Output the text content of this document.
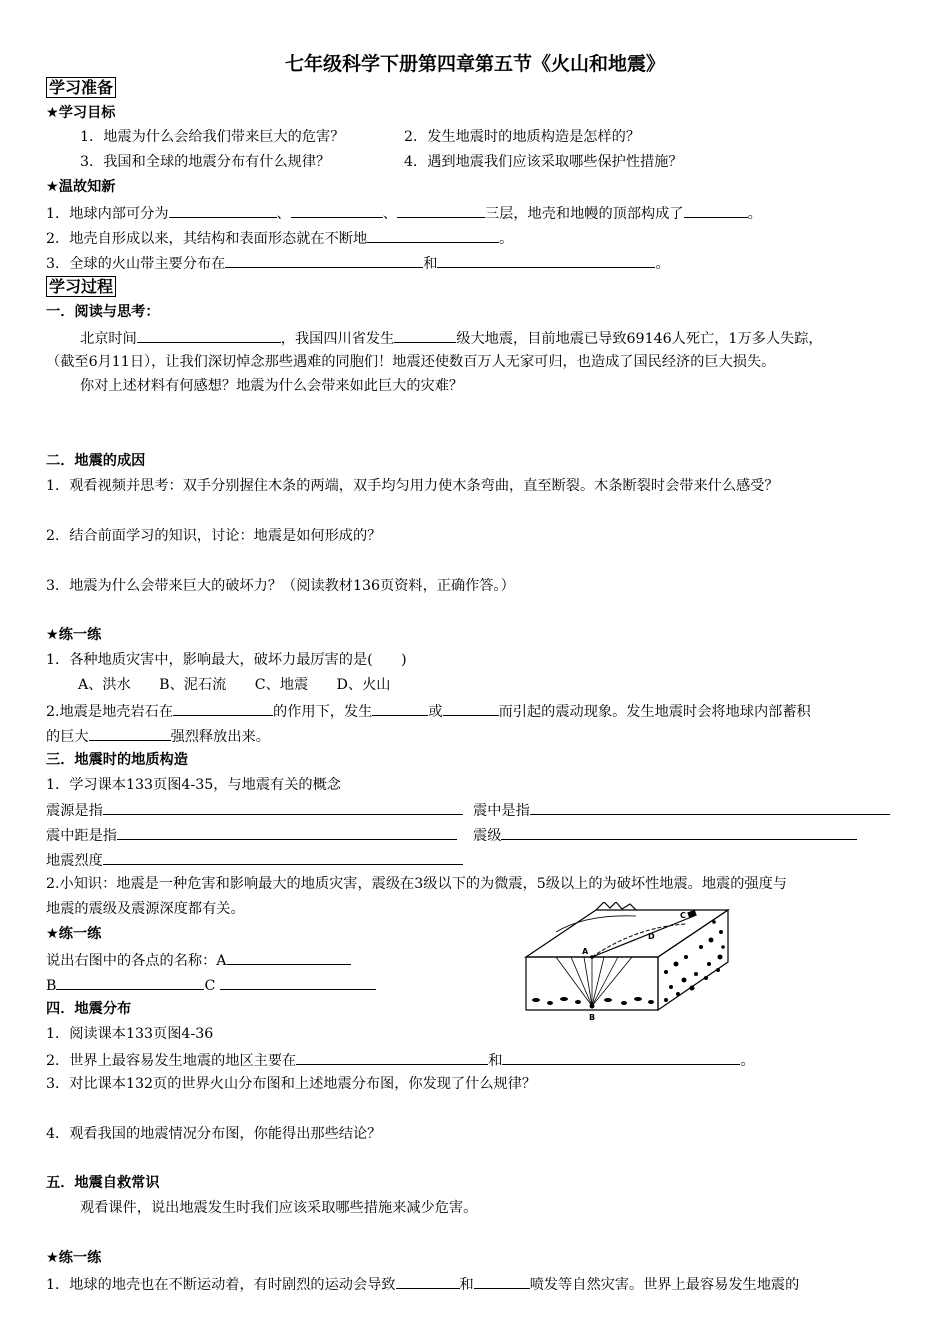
七年级科学下册第四章第五节《火山和地震》
学习准备
★学习目标
1．地震为什么会给我们带来巨大的危害？	2．发生地震时的地质构造是怎样的？
3．我国和全球的地震分布有什么规律？	4．遇到地震我们应该采取哪些保护性措施？
★温故知新
1．地球内部可分为	、	、	三层，地壳和地幔的顶部构成了	。
2．地壳自形成以来，其结构和表面形态就在不断地	。
3．全球的火山带主要分布在	和	。
学习过程
一．阅读与思考：
北京时间	，我国四川省发生	级大地震，目前地震已导致69146人死亡，1万多人失踪，
（截至6月11日），让我们深切悼念那些遇难的同胞们！地震还使数百万人无家可归，也造成了国民经济的巨大损失。
你对上述材料有何感想？地震为什么会带来如此巨大的灾难？
二．地震的成因
1．观看视频并思考：双手分别握住木条的两端，双手均匀用力使木条弯曲，直至断裂。木条断裂时会带来什么感受？
2．结合前面学习的知识，讨论：地震是如何形成的？
3．地震为什么会带来巨大的破坏力？（阅读教材136页资料，正确作答。）
★练一练
1．各种地质灾害中，影响最大，破坏力最厉害的是(　　)
A、洪水　　B、泥石流　　C、地震　　D、火山
2.地震是地壳岩石在	的作用下，发生	或	而引起的震动现象。发生地震时会将地球内部蓄积
的巨大	强烈释放出来。
三．地震时的地质构造
1．学习课本133页图4-35，与地震有关的概念
震源是指	震中是指
震中距是指	震级
地震烈度
2.小知识：地震是一种危害和影响最大的地质灾害，震级在3级以下的为微震，5级以上的为破坏性地震。地震的强度与
地震的震级及震源深度都有关。
★练一练
说出右图中的各点的名称：A
B	C
A
B
C
D
四．地震分布
1．阅读课本133页图4-36
2．世界上最容易发生地震的地区主要在	和	。
3．对比课本132页的世界火山分布图和上述地震分布图，你发现了什么规律？
4．观看我国的地震情况分布图，你能得出那些结论？
五．地震自救常识
观看课件，说出地震发生时我们应该采取哪些措施来减少危害。
★练一练
1．地球的地壳也在不断运动着，有时剧烈的运动会导致	和	喷发等自然灾害。世界上最容易发生地震的
